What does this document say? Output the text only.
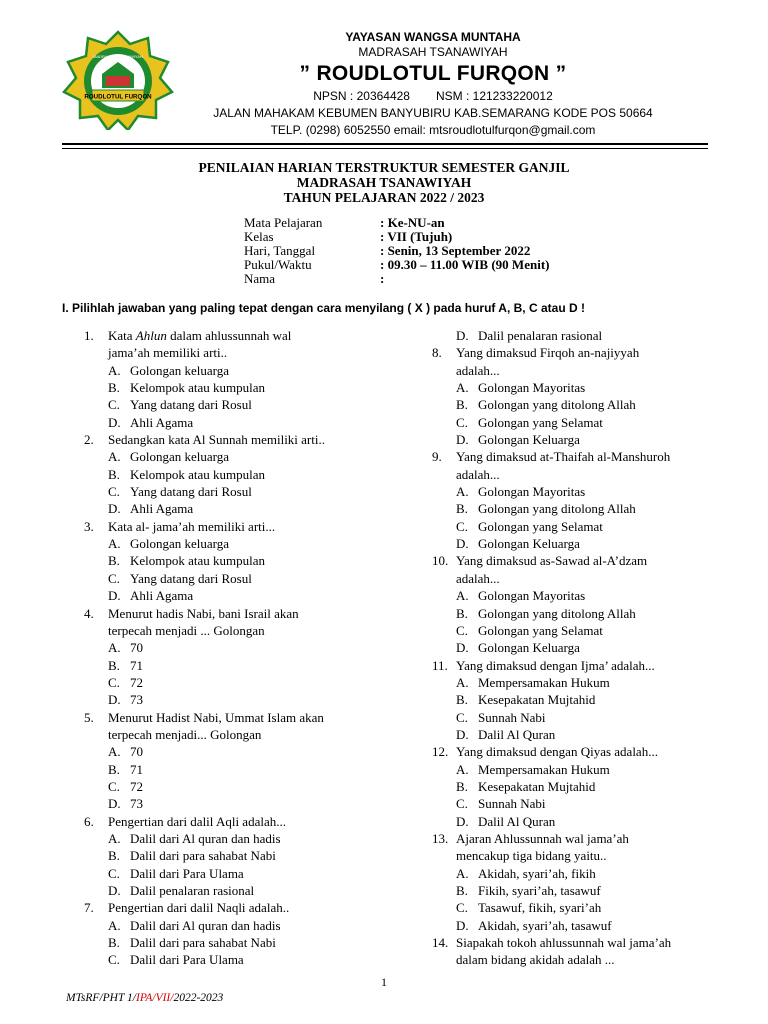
ROUDLOTUL FURQON
MADRASAH TSANAWIYAH
YAYASAN WANGSA MUNTAHA
MADRASAH TSANAWIYAH
” ROUDLOTUL FURQON ”
NPSN : 20364428 NSM : 121233220012
JALAN MAHAKAM KEBUMEN BANYUBIRU KAB.SEMARANG KODE POS 50664
TELP. (0298) 6052550 email: mtsroudlotulfurqon@gmail.com
PENILAIAN HARIAN TERSTRUKTUR SEMESTER GANJIL
MADRASAH TSANAWIYAH
TAHUN PELAJARAN 2022 / 2023
Mata Pelajaran	: Ke-NU-an
Kelas	: VII (Tujuh)
Hari, Tanggal	: Senin, 13 September 2022
Pukul/Waktu	: 09.30 – 11.00 WIB (90 Menit)
Nama	:
I. Pilihlah jawaban yang paling tepat dengan cara menyilang ( X ) pada huruf A, B, C atau D !
1. Kata Ahlun dalam ahlussunnah wal
jama’ah memiliki arti..
A. Golongan keluarga
B. Kelompok atau kumpulan
C. Yang datang dari Rosul
D. Ahli Agama
2. Sedangkan kata Al Sunnah memiliki arti..
A. Golongan keluarga
B. Kelompok atau kumpulan
C. Yang datang dari Rosul
D. Ahli Agama
3. Kata al- jama’ah memiliki arti...
A. Golongan keluarga
B. Kelompok atau kumpulan
C. Yang datang dari Rosul
D. Ahli Agama
4. Menurut hadis Nabi, bani Israil akan
terpecah menjadi ... Golongan
A. 70
B. 71
C. 72
D. 73
5. Menurut Hadist Nabi, Ummat Islam akan
terpecah menjadi... Golongan
A. 70
B. 71
C. 72
D. 73
6. Pengertian dari dalil Aqli adalah...
A. Dalil dari Al quran dan hadis
B. Dalil dari para sahabat Nabi
C. Dalil dari Para Ulama
D. Dalil penalaran rasional
7. Pengertian dari dalil Naqli adalah..
A. Dalil dari Al quran dan hadis
B. Dalil dari para sahabat Nabi
C. Dalil dari Para Ulama
D. Dalil penalaran rasional
8. Yang dimaksud Firqoh an-najiyyah
adalah...
A. Golongan Mayoritas
B. Golongan yang ditolong Allah
C. Golongan yang Selamat
D. Golongan Keluarga
9. Yang dimaksud at-Thaifah al-Manshuroh
adalah...
A. Golongan Mayoritas
B. Golongan yang ditolong Allah
C. Golongan yang Selamat
D. Golongan Keluarga
10. Yang dimaksud as-Sawad al-A’dzam
adalah...
A. Golongan Mayoritas
B. Golongan yang ditolong Allah
C. Golongan yang Selamat
D. Golongan Keluarga
11. Yang dimaksud dengan Ijma’ adalah...
A. Mempersamakan Hukum
B. Kesepakatan Mujtahid
C. Sunnah Nabi
D. Dalil Al Quran
12. Yang dimaksud dengan Qiyas adalah...
A. Mempersamakan Hukum
B. Kesepakatan Mujtahid
C. Sunnah Nabi
D. Dalil Al Quran
13. Ajaran Ahlussunnah wal jama’ah
mencakup tiga bidang yaitu..
A. Akidah, syari’ah, fikih
B. Fikih, syari’ah, tasawuf
C. Tasawuf, fikih, syari’ah
D. Akidah, syari’ah, tasawuf
14. Siapakah tokoh ahlussunnah wal jama’ah
dalam bidang akidah adalah ...
1
MTsRF/PHT 1/IPA/VII/2022-2023
